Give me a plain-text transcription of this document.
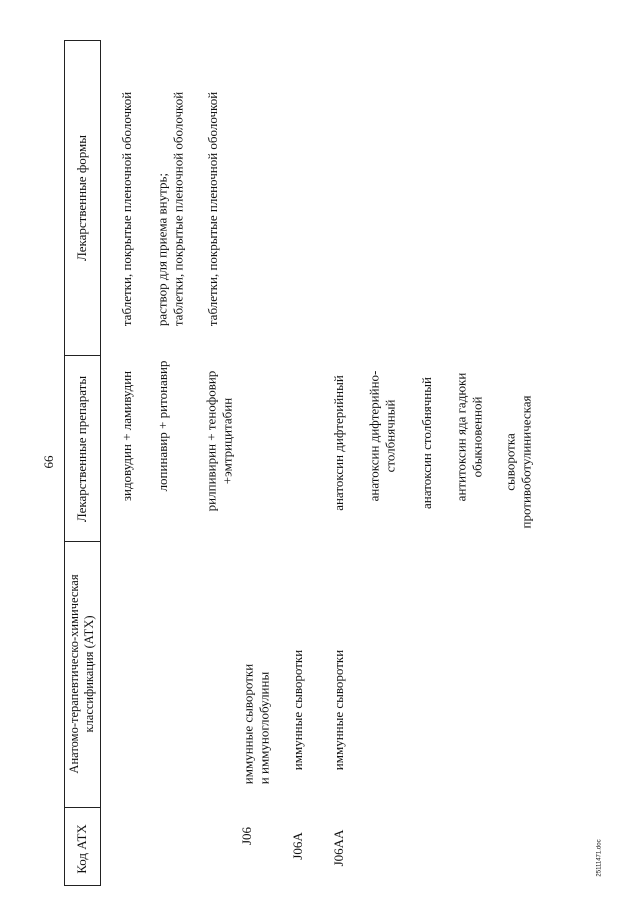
66
25111471.doc
Код АТХ
Анатомо-терапевтическо-химическая
классификация (АТХ)
Лекарственные препараты
Лекарственные формы
зидовудин + ламивудин
таблетки, покрытые пленочной оболочкой
лопинавир + ритонавир
раствор для приема внутрь;
таблетки, покрытые пленочной оболочкой
рилпивирин + тенофовир
+эмтрицитабин
таблетки, покрытые пленочной оболочкой
J06
иммунные сыворотки
и иммуноглобулины
J06A
иммунные сыворотки
J06AA
иммунные сыворотки
анатоксин дифтерийный анатоксин дифтерийно-
столбнячный анатоксин столбнячный антитоксин яда гадюки
обыкновенной сыворотка
противоботулиническая
